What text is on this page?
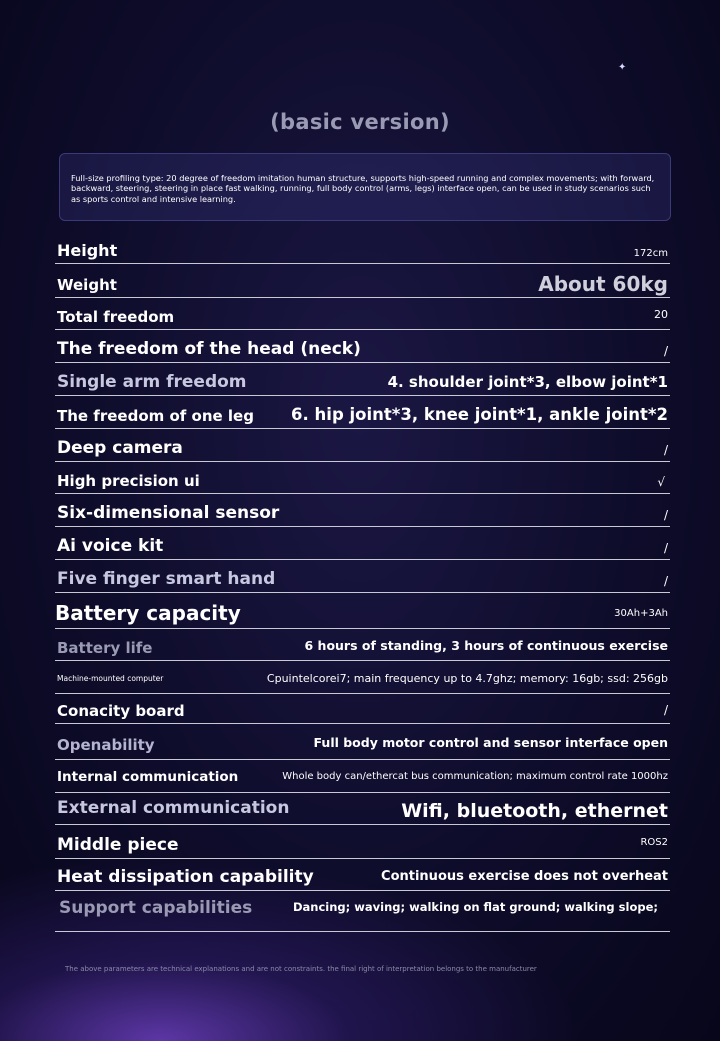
✦
(basic version)
Full-size profiling type: 20 degree of freedom imitation human structure, supports high-speed running and complex movements; with forward, backward, steering, steering in place fast walking, running, full body control (arms, legs) interface open, can be used in study scenarios such as sports control and intensive learning.
Height	172cm
Weight	About 60kg
Total freedom	20
The freedom of the head (neck)	/
Single arm freedom	4. shoulder joint*3, elbow joint*1
The freedom of one leg 6. hip joint*3, knee joint*1, ankle joint*2
Deep camera	/
High precision ui	√
Six-dimensional sensor	/
Ai voice kit	/
Five finger smart hand	/
Battery capacity	30Ah+3Ah
Battery life	6 hours of standing, 3 hours of continuous exercise
Machine-mounted computer	Cpuintelcorei7; main frequency up to 4.7ghz; memory: 16gb; ssd: 256gb
Conacity board	/
Openability	Full body motor control and sensor interface open
Internal communication	Whole body can/ethercat bus communication; maximum control rate 1000hz
External communication	Wifi, bluetooth, ethernet
Middle piece	ROS2
Heat dissipation capability	Continuous exercise does not overheat
Support capabilities	Dancing; waving; walking on flat ground; walking slope;
The above parameters are technical explanations and are not constraints. the final right of interpretation belongs to the manufacturer
